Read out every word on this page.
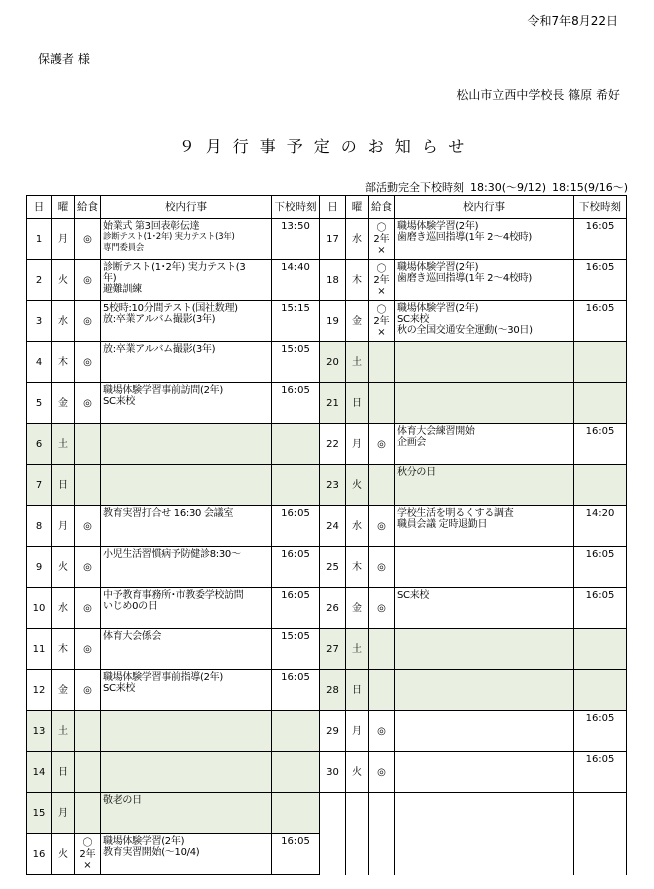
令和7年8月22日
保護者 様
松山市立西中学校長 篠原 希好
９月行事予定のお知らせ
部活動完全下校時刻 18:30(～9/12) 18:15(9/16～)
日	曜	給食	校内行事	下校時刻	日	曜	給食	校内行事	下校時刻
1	月	◎	始業式 第3回表彰伝達
診断テスト(1･2年) 実力テスト(3年)
専門委員会	13:50	17	水	〇
2年
×	職場体験学習(2年)
歯磨き巡回指導(1年 2～4校時)	16:05
2	火	◎	診断テスト(1･2年) 実力テスト(3
年)
避難訓練	14:40	18	木	〇
2年
×	職場体験学習(2年)
歯磨き巡回指導(1年 2～4校時)	16:05
3	水	◎	5校時:10分間テスト(国社数理)
放:卒業アルバム撮影(3年)	15:15	19	金	〇
2年
×	職場体験学習(2年)
SC来校
秋の全国交通安全運動(～30日)	16:05
4	木	◎	放:卒業アルバム撮影(3年)	15:05	20	土			
5	金	◎	職場体験学習事前訪問(2年)
SC来校	16:05	21	日			
6	土				22	月	◎	体育大会練習開始
企画会	16:05
7	日				23	火		秋分の日	

8	月	◎	教育実習打合せ 16:30 会議室	16:05	24	水	◎	学校生活を明るくする調査
職員会議 定時退勤日	14:20
9	火	◎	小児生活習慣病予防健診8:30～	16:05	25	木	◎		16:05
10	水	◎	中予教育事務所･市教委学校訪問
いじめ0の日	16:05	26	金	◎	SC来校	16:05
11	木	◎	体育大会係会	15:05	27	土			
12	金	◎	職場体験学習事前指導(2年)
SC来校	16:05	28	日			
13	土				29	月	◎		16:05
14	日				30	火	◎		16:05
15	月		敬老の日						

16	火	〇
2年
×	職場体験学習(2年)
教育実習開始(～10/4)	16:05					
